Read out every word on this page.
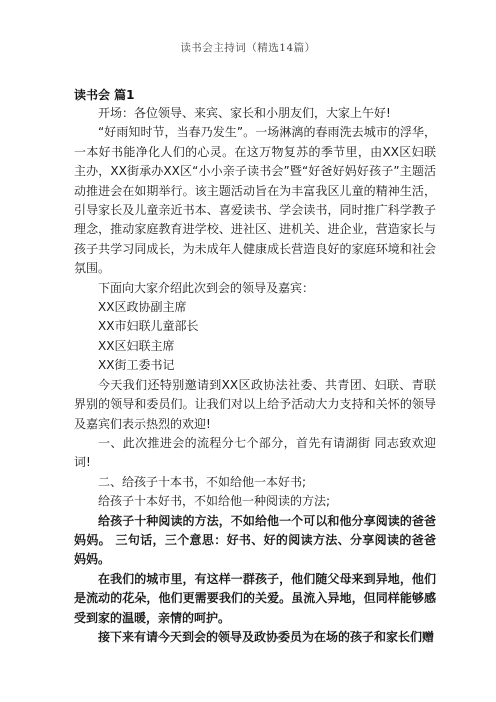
读书会主持词（精选14篇）
读书会 篇1

开场：各位领导、来宾、家长和小朋友们，大家上午好!

“好雨知时节，当春乃发生”。一场淋漓的春雨洗去城市的浮华，一本好书能净化人们的心灵。在这万物复苏的季节里，由XX区妇联主办，XX街承办XX区“小小亲子读书会”暨“好爸好妈好孩子”主题活动推进会在如期举行。该主题活动旨在为丰富我区儿童的精神生活，引导家长及儿童亲近书本、喜爱读书、学会读书，同时推广科学教子理念，推动家庭教育进学校、进社区、进机关、进企业，营造家长与孩子共学习同成长，为未成年人健康成长营造良好的家庭环境和社会氛围。

下面向大家介绍此次到会的领导及嘉宾：

XX区政协副主席

XX市妇联儿童部长

XX区妇联主席

XX街工委书记

今天我们还特别邀请到XX区政协法社委、共青团、妇联、青联界别的领导和委员们。让我们对以上给予活动大力支持和关怀的领导及嘉宾们表示热烈的欢迎!

一、此次推进会的流程分七个部分，首先有请湖街 同志致欢迎词!

二、给孩子十本书，不如给他一本好书;

给孩子十本好书，不如给他一种阅读的方法;

给孩子十种阅读的方法，不如给他一个可以和他分享阅读的爸爸妈妈。 三句话，三个意思：好书、好的阅读方法、分享阅读的爸爸妈妈。

在我们的城市里，有这样一群孩子，他们随父母来到异地，他们是流动的花朵，他们更需要我们的关爱。虽流入异地，但同样能够感受到家的温暖，亲情的呵护。

接下来有请今天到会的领导及政协委员为在场的孩子和家长们赠
